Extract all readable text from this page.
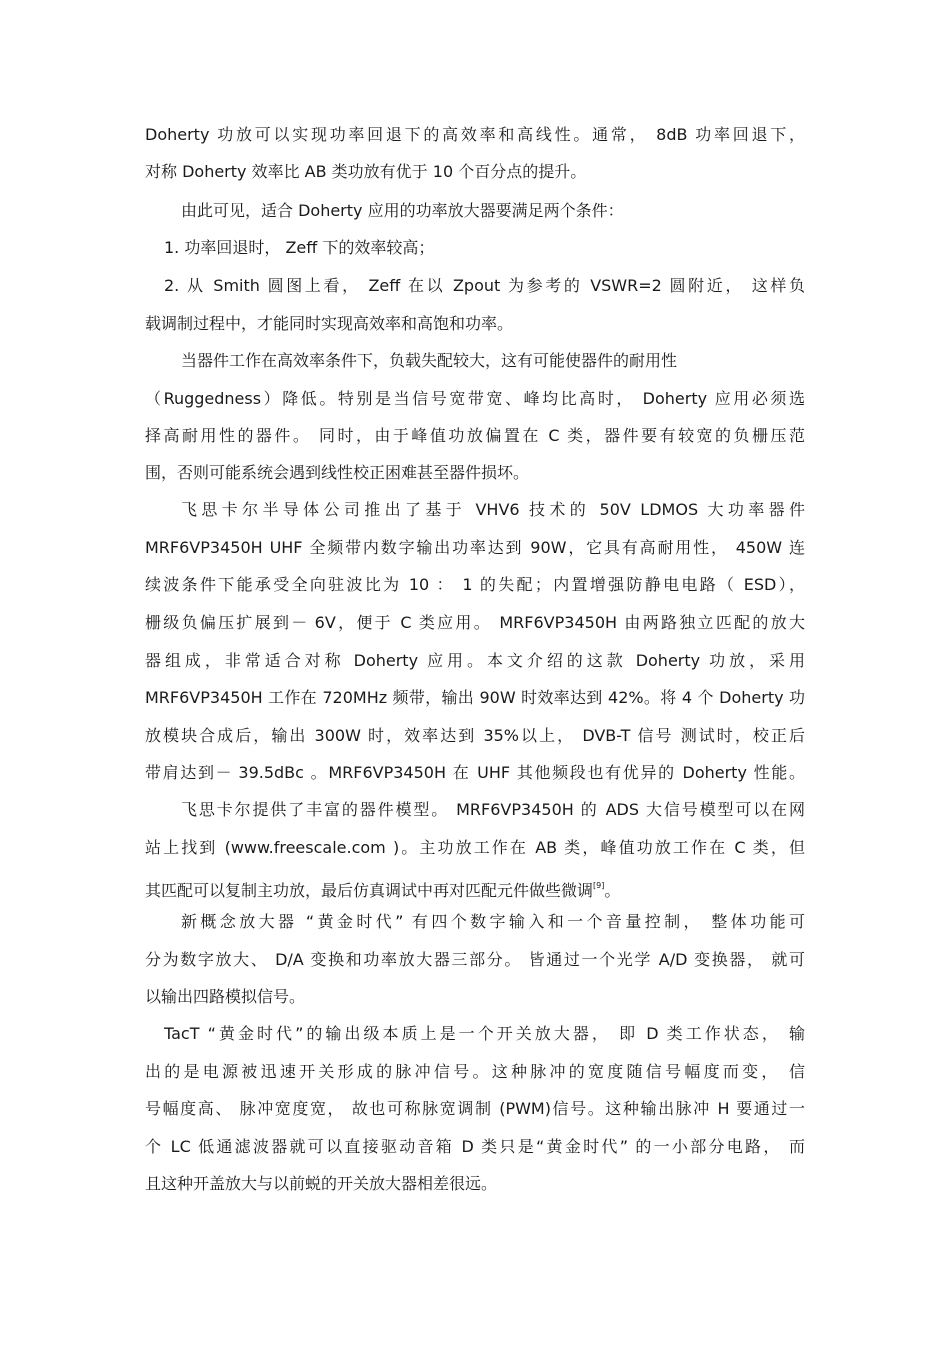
Doherty 功放可以实现功率回退下的高效率和高线性。通常， 8dB 功率回退下，
对称 Doherty 效率比 AB 类功放有优于 10 个百分点的提升。
由此可见，适合 Doherty 应用的功率放大器要满足两个条件：
1. 功率回退时， Zeff 下的效率较高；
2. 从 Smith 圆图上看， Zeff 在以 Zpout 为参考的 VSWR=2 圆附近， 这样负
载调制过程中，才能同时实现高效率和高饱和功率。
当器件工作在高效率条件下，负载失配较大，这有可能使器件的耐用性
（Ruggedness）降低。特别是当信号宽带宽、峰均比高时， Doherty 应用必须选
择高耐用性的器件。 同时，由于峰值功放偏置在 C 类，器件要有较宽的负栅压范
围，否则可能系统会遇到线性校正困难甚至器件损坏。
飞思卡尔半导体公司推出了基于 VHV6 技术的 50V LDMOS 大功率器件
MRF6VP3450H UHF 全频带内数字输出功率达到 90W，它具有高耐用性， 450W 连
续波条件下能承受全向驻波比为 10 ： 1 的失配；内置增强防静电电路（ ESD），
栅级负偏压扩展到－ 6V，便于 C 类应用。 MRF6VP3450H 由两路独立匹配的放大
器组成，非常适合对称 Doherty 应用。本文介绍的这款 Doherty 功放，采用
MRF6VP3450H 工作在 720MHz 频带，输出 90W 时效率达到 42%。将 4 个 Doherty 功
放模块合成后，输出 300W 时，效率达到 35%以上， DVB-T 信号 测试时，校正后
带肩达到－ 39.5dBc 。MRF6VP3450H 在 UHF 其他频段也有优异的 Doherty 性能。
飞思卡尔提供了丰富的器件模型。 MRF6VP3450H 的 ADS 大信号模型可以在网
站上找到 (www.freescale.com )。主功放工作在 AB 类，峰值功放工作在 C 类，但
其匹配可以复制主功放，最后仿真调试中再对匹配元件做些微调[9]。
新概念放大器 “黄金时代” 有四个数字输入和一个音量控制， 整体功能可
分为数字放大、 D/A 变换和功率放大器三部分。 皆通过一个光学 A/D 变换器， 就可
以输出四路模拟信号。
TacT “黄金时代”的输出级本质上是一个开关放大器， 即 D 类工作状态， 输
出的是电源被迅速开关形成的脉冲信号。这种脉冲的宽度随信号幅度而变， 信
号幅度高、 脉冲宽度宽， 故也可称脉宽调制 (PWM)信号。这种输出脉冲 H 要通过一
个 LC 低通滤波器就可以直接驱动音箱 D 类只是“黄金时代” 的一小部分电路， 而
且这种开盖放大与以前蜕的开关放大器相差很远。
